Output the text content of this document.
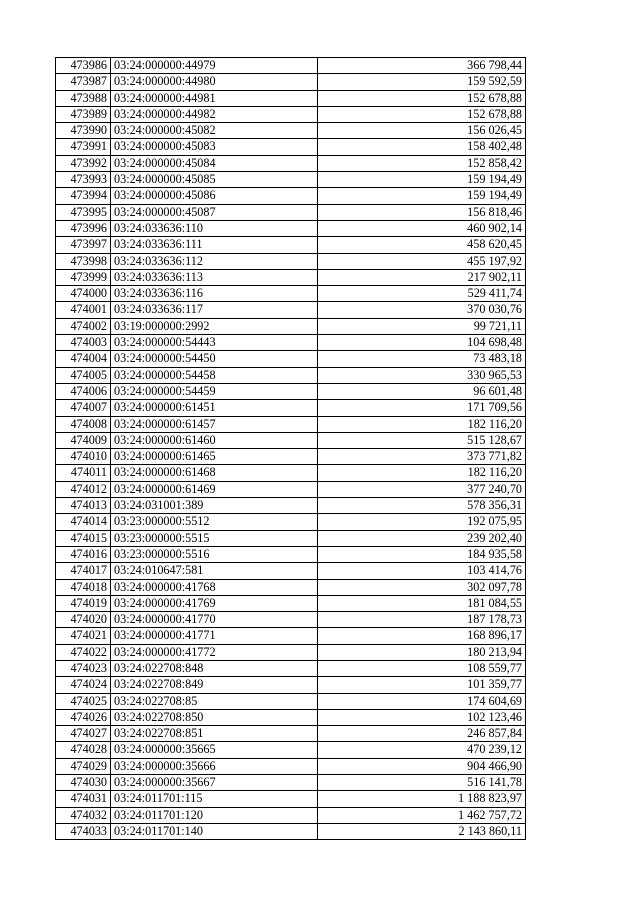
473986	03:24:000000:44979	366 798,44
473987	03:24:000000:44980	159 592,59
473988	03:24:000000:44981	152 678,88
473989	03:24:000000:44982	152 678,88
473990	03:24:000000:45082	156 026,45
473991	03:24:000000:45083	158 402,48
473992	03:24:000000:45084	152 858,42
473993	03:24:000000:45085	159 194,49
473994	03:24:000000:45086	159 194,49
473995	03:24:000000:45087	156 818,46
473996	03:24:033636:110	460 902,14
473997	03:24:033636:111	458 620,45
473998	03:24:033636:112	455 197,92
473999	03:24:033636:113	217 902,11
474000	03:24:033636:116	529 411,74
474001	03:24:033636:117	370 030,76
474002	03:19:000000:2992	99 721,11
474003	03:24:000000:54443	104 698,48
474004	03:24:000000:54450	73 483,18
474005	03:24:000000:54458	330 965,53
474006	03:24:000000:54459	96 601,48
474007	03:24:000000:61451	171 709,56
474008	03:24:000000:61457	182 116,20
474009	03:24:000000:61460	515 128,67
474010	03:24:000000:61465	373 771,82
474011	03:24:000000:61468	182 116,20
474012	03:24:000000:61469	377 240,70
474013	03:24:031001:389	578 356,31
474014	03:23:000000:5512	192 075,95
474015	03:23:000000:5515	239 202,40
474016	03:23:000000:5516	184 935,58
474017	03:24:010647:581	103 414,76
474018	03:24:000000:41768	302 097,78
474019	03:24:000000:41769	181 084,55
474020	03:24:000000:41770	187 178,73
474021	03:24:000000:41771	168 896,17
474022	03:24:000000:41772	180 213,94
474023	03:24:022708:848	108 559,77
474024	03:24:022708:849	101 359,77
474025	03:24:022708:85	174 604,69
474026	03:24:022708:850	102 123,46
474027	03:24:022708:851	246 857,84
474028	03:24:000000:35665	470 239,12
474029	03:24:000000:35666	904 466,90
474030	03:24:000000:35667	516 141,78
474031	03:24:011701:115	1 188 823,97
474032	03:24:011701:120	1 462 757,72
474033	03:24:011701:140	2 143 860,11
